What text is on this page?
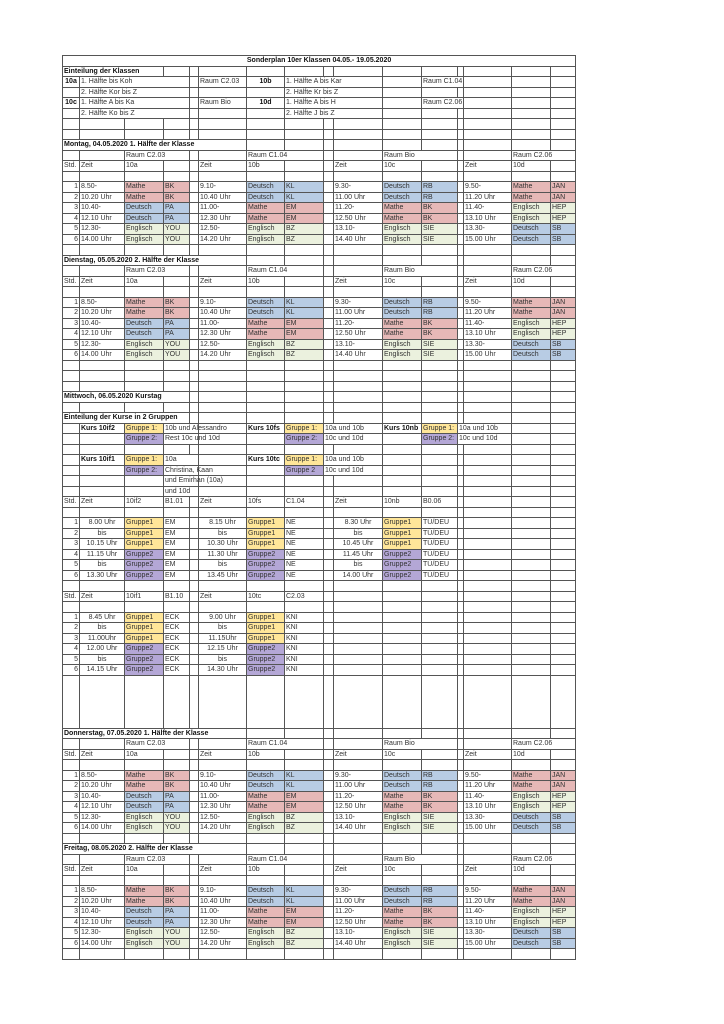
Sonderplan 10er Klassen 04.05.- 19.05.2020															
Einteilung der Klassen															
10a	1. Hälfte bis Koh				Raum C2.03	10b	1. Hälfte A bis Kar				Raum C1.04				
	2. Hälfte Kor bis Z						2. Hälfte Kr bis Z								
10c	1. Hälfte A bis Ka				Raum Bio	10d	1. Hälfte A bis H				Raum C2.06				
	2. Hälfte Ko bis Z						2. Hälfte J bis Z								

Montag, 04.05.2020 1. Hälfte der Klasse															
		Raum C2.03				Raum C1.04				Raum Bio				Raum C2.06	
Std.	Zeit	10a			Zeit	10b			Zeit	10c			Zeit	10d	

1	8.50-	Mathe	BK		9.10-	Deutsch	KL		9.30-	Deutsch	RB		9.50-	Mathe	JAN
2	10.20 Uhr	Mathe	BK		10.40 Uhr	Deutsch	KL		11.00 Uhr	Deutsch	RB		11.20 Uhr	Mathe	JAN
3	10.40-	Deutsch	PA		11.00-	Mathe	EM		11.20-	Mathe	BK		11.40-	Englisch	HEP
4	12.10 Uhr	Deutsch	PA		12.30 Uhr	Mathe	EM		12.50 Uhr	Mathe	BK		13.10 Uhr	Englisch	HEP
5	12.30-	Englisch	YOU		12.50-	Englisch	BZ		13.10-	Englisch	SIE		13.30-	Deutsch	SB
6	14.00 Uhr	Englisch	YOU		14.20 Uhr	Englisch	BZ		14.40 Uhr	Englisch	SIE		15.00 Uhr	Deutsch	SB

Dienstag, 05.05.2020 2. Hälfte der Klasse															
		Raum C2.03				Raum C1.04				Raum Bio				Raum C2.06	
Std.	Zeit	10a			Zeit	10b			Zeit	10c			Zeit	10d	

1	8.50-	Mathe	BK		9.10-	Deutsch	KL		9.30-	Deutsch	RB		9.50-	Mathe	JAN
2	10.20 Uhr	Mathe	BK		10.40 Uhr	Deutsch	KL		11.00 Uhr	Deutsch	RB		11.20 Uhr	Mathe	JAN
3	10.40-	Deutsch	PA		11.00-	Mathe	EM		11.20-	Mathe	BK		11.40-	Englisch	HEP
4	12.10 Uhr	Deutsch	PA		12.30 Uhr	Mathe	EM		12.50 Uhr	Mathe	BK		13.10 Uhr	Englisch	HEP
5	12.30-	Englisch	YOU		12.50-	Englisch	BZ		13.10-	Englisch	SIE		13.30-	Deutsch	SB
6	14.00 Uhr	Englisch	YOU		14.20 Uhr	Englisch	BZ		14.40 Uhr	Englisch	SIE		15.00 Uhr	Deutsch	SB

Mittwoch, 06.05.2020 Kurstag															

Einteilung der Kurse in 2 Gruppen															
	Kurs 10if2	Gruppe 1:	10b und Alessandro			Kurs 10fs	Gruppe 1:	10a und 10b		Kurs 10nb	Gruppe 1:	10a und 10b			
		Gruppe 2:	Rest 10c und 10d				Gruppe 2:	10c und 10d			Gruppe 2:	10c und 10d			

	Kurs 10if1	Gruppe 1:	10a			Kurs 10tc	Gruppe 1:	10a und 10b							
		Gruppe 2:	Christina, Kaan				Gruppe 2	10c und 10d							
			und Emirhan (10a)												
			und 10d												
Std.	Zeit	10if2	B1.01		Zeit	10fs	C1.04		Zeit	10nb	B0.06				

1	8.00 Uhr	Gruppe1	EM		8.15 Uhr	Gruppe1	NE		8.30 Uhr	Gruppe1	TÜ/DEU				
2	bis	Gruppe1	EM		bis	Gruppe1	NE		bis	Gruppe1	TÜ/DEU				
3	10.15 Uhr	Gruppe1	EM		10.30 Uhr	Gruppe1	NE		10.45 Uhr	Gruppe1	TÜ/DEU				
4	11.15 Uhr	Gruppe2	EM		11.30 Uhr	Gruppe2	NE		11.45 Uhr	Gruppe2	TÜ/DEU				
5	bis	Gruppe2	EM		bis	Gruppe2	NE		bis	Gruppe2	TÜ/DEU				
6	13.30 Uhr	Gruppe2	EM		13.45 Uhr	Gruppe2	NE		14.00 Uhr	Gruppe2	TÜ/DEU				

Std.	Zeit	10if1	B1.10		Zeit	10tc	C2.03								

1	8.45 Uhr	Gruppe1	ECK		9.00 Uhr	Gruppe1	KNI								
2	bis	Gruppe1	ECK		bis	Gruppe1	KNI								
3	11.00Uhr	Gruppe1	ECK		11.15Uhr	Gruppe1	KNI								
4	12.00 Uhr	Gruppe2	ECK		12.15 Uhr	Gruppe2	KNI								
5	bis	Gruppe2	ECK		bis	Gruppe2	KNI								
6	14.15 Uhr	Gruppe2	ECK		14.30 Uhr	Gruppe2	KNI								

Donnerstag, 07.05.2020 1. Hälfte der Klasse															
		Raum C2.03				Raum C1.04				Raum Bio				Raum C2.06	
Std.	Zeit	10a			Zeit	10b			Zeit	10c			Zeit	10d	

1	8.50-	Mathe	BK		9.10-	Deutsch	KL		9.30-	Deutsch	RB		9.50-	Mathe	JAN
2	10.20 Uhr	Mathe	BK		10.40 Uhr	Deutsch	KL		11.00 Uhr	Deutsch	RB		11.20 Uhr	Mathe	JAN
3	10.40-	Deutsch	PA		11.00-	Mathe	EM		11.20-	Mathe	BK		11.40-	Englisch	HEP
4	12.10 Uhr	Deutsch	PA		12.30 Uhr	Mathe	EM		12.50 Uhr	Mathe	BK		13.10 Uhr	Englisch	HEP
5	12.30-	Englisch	YOU		12.50-	Englisch	BZ		13.10-	Englisch	SIE		13.30-	Deutsch	SB
6	14.00 Uhr	Englisch	YOU		14.20 Uhr	Englisch	BZ		14.40 Uhr	Englisch	SIE		15.00 Uhr	Deutsch	SB

Freitag, 08.05.2020 2. Hälfte der Klasse															
		Raum C2.03				Raum C1.04				Raum Bio				Raum C2.06	
Std.	Zeit	10a			Zeit	10b			Zeit	10c			Zeit	10d	

1	8.50-	Mathe	BK		9.10-	Deutsch	KL		9.30-	Deutsch	RB		9.50-	Mathe	JAN
2	10.20 Uhr	Mathe	BK		10.40 Uhr	Deutsch	KL		11.00 Uhr	Deutsch	RB		11.20 Uhr	Mathe	JAN
3	10.40-	Deutsch	PA		11.00-	Mathe	EM		11.20-	Mathe	BK		11.40-	Englisch	HEP
4	12.10 Uhr	Deutsch	PA		12.30 Uhr	Mathe	EM		12.50 Uhr	Mathe	BK		13.10 Uhr	Englisch	HEP
5	12.30-	Englisch	YOU		12.50-	Englisch	BZ		13.10-	Englisch	SIE		13.30-	Deutsch	SB
6	14.00 Uhr	Englisch	YOU		14.20 Uhr	Englisch	BZ		14.40 Uhr	Englisch	SIE		15.00 Uhr	Deutsch	SB
